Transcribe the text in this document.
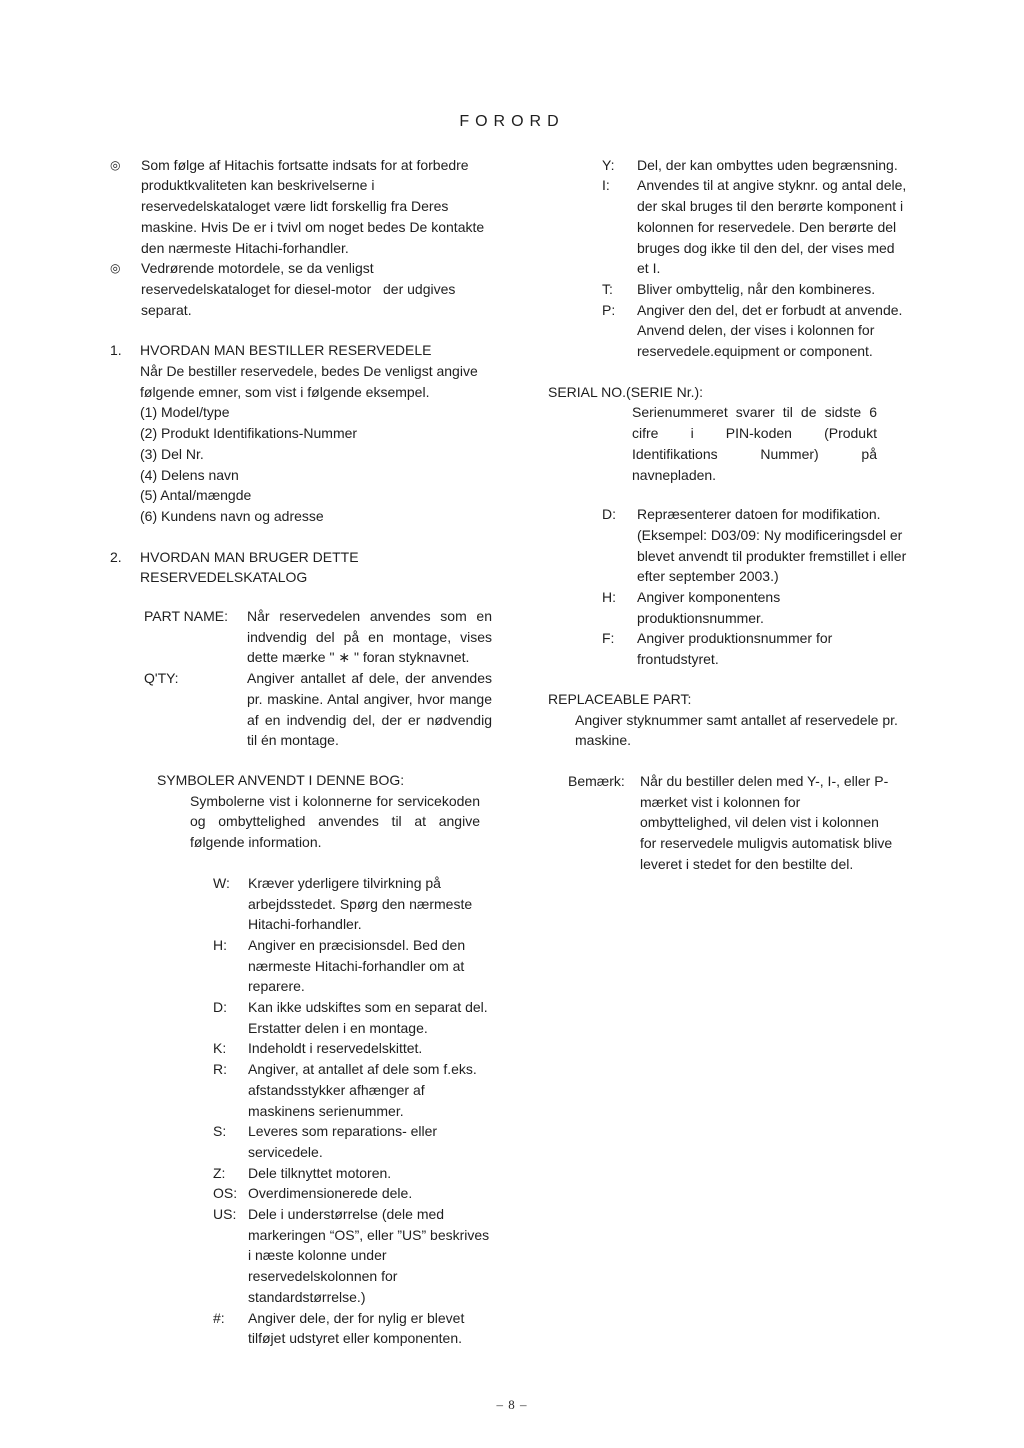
FORORD
◎	Som følge af Hitachis fortsatte indsats for at forbedre produktkvaliteten kan beskrivelserne i reservedelskataloget være lidt forskellig fra Deres maskine. Hvis De er i tvivl om noget bedes De kontakte den nærmeste Hitachi-forhandler.
◎	Vedrørende motordele, se da venligst reservedelskataloget for diesel-motor   der udgives separat.
1.	HVORDAN MAN BESTILLER RESERVEDELE
Når De bestiller reservedele, bedes De venligst angive følgende emner, som vist i følgende eksempel.
(1) Model/type
(2) Produkt Identifikations-Nummer
(3) Del Nr.
(4) Delens navn
(5) Antal/mængde
(6) Kundens navn og adresse
2.	HVORDAN MAN BRUGER DETTE RESERVEDELSKATALOG
PART NAME:	Når reservedelen anvendes som en indvendig del på en montage, vises dette mærke " ∗ " foran styknavnet.
Q'TY:	Angiver antallet af dele, der anvendes pr. maskine. Antal angiver, hvor mange af en indvendig del, der er nødvendig til én montage.
SYMBOLER ANVENDT I DENNE BOG:
Symbolerne vist i kolonnerne for servicekoden og ombyttelighed anvendes til at angive følgende information.
W:	Kræver yderligere tilvirkning på arbejdsstedet. Spørg den nærmeste Hitachi-forhandler.
H:	Angiver en præcisionsdel. Bed den nærmeste Hitachi-forhandler om at reparere.
D:	Kan ikke udskiftes som en separat del. Erstatter delen i en montage.
K:	Indeholdt i reservedelskittet.
R:	Angiver, at antallet af dele som f.eks. afstandsstykker afhænger af maskinens serienummer.
S:	Leveres som reparations- eller servicedele.
Z:	Dele tilknyttet motoren.
OS: Overdimensionerede dele.
US: Dele i understørrelse (dele med markeringen “OS”, eller ”US” beskrives i næste kolonne under reservedelskolonnen for standardstørrelse.)
#:	Angiver dele, der for nylig er blevet tilføjet udstyret eller komponenten.
Y:	Del, der kan ombyttes uden begrænsning.
I:	Anvendes til at angive styknr. og antal dele, der skal bruges til den berørte komponent i kolonnen for reservedele. Den berørte del bruges dog ikke til den del, der vises med et I.
T:	Bliver ombyttelig, når den kombineres.
P:	Angiver den del, det er forbudt at anvende. Anvend delen, der vises i kolonnen for reservedele.equipment or component.
SERIAL NO.(SERIE Nr.):
Serienummeret svarer til de sidste 6 cifre i PIN-koden (Produkt Identifikations Nummer) på navnepladen.
D:	Repræsenterer datoen for modifikation. (Eksempel: D03/09: Ny modificeringsdel er blevet anvendt til produkter fremstillet i eller efter september 2003.)
H:	Angiver komponentens produktionsnummer.
F:	Angiver produktionsnummer for frontudstyret.
REPLACEABLE PART:
Angiver styknummer samt antallet af reservedele pr. maskine.
Bemærk:	Når du bestiller delen med Y-, I-, eller P-mærket vist i kolonnen for ombyttelighed, vil delen vist i kolonnen for reservedele muligvis automatisk blive leveret i stedet for den bestilte del.
– 8 –
